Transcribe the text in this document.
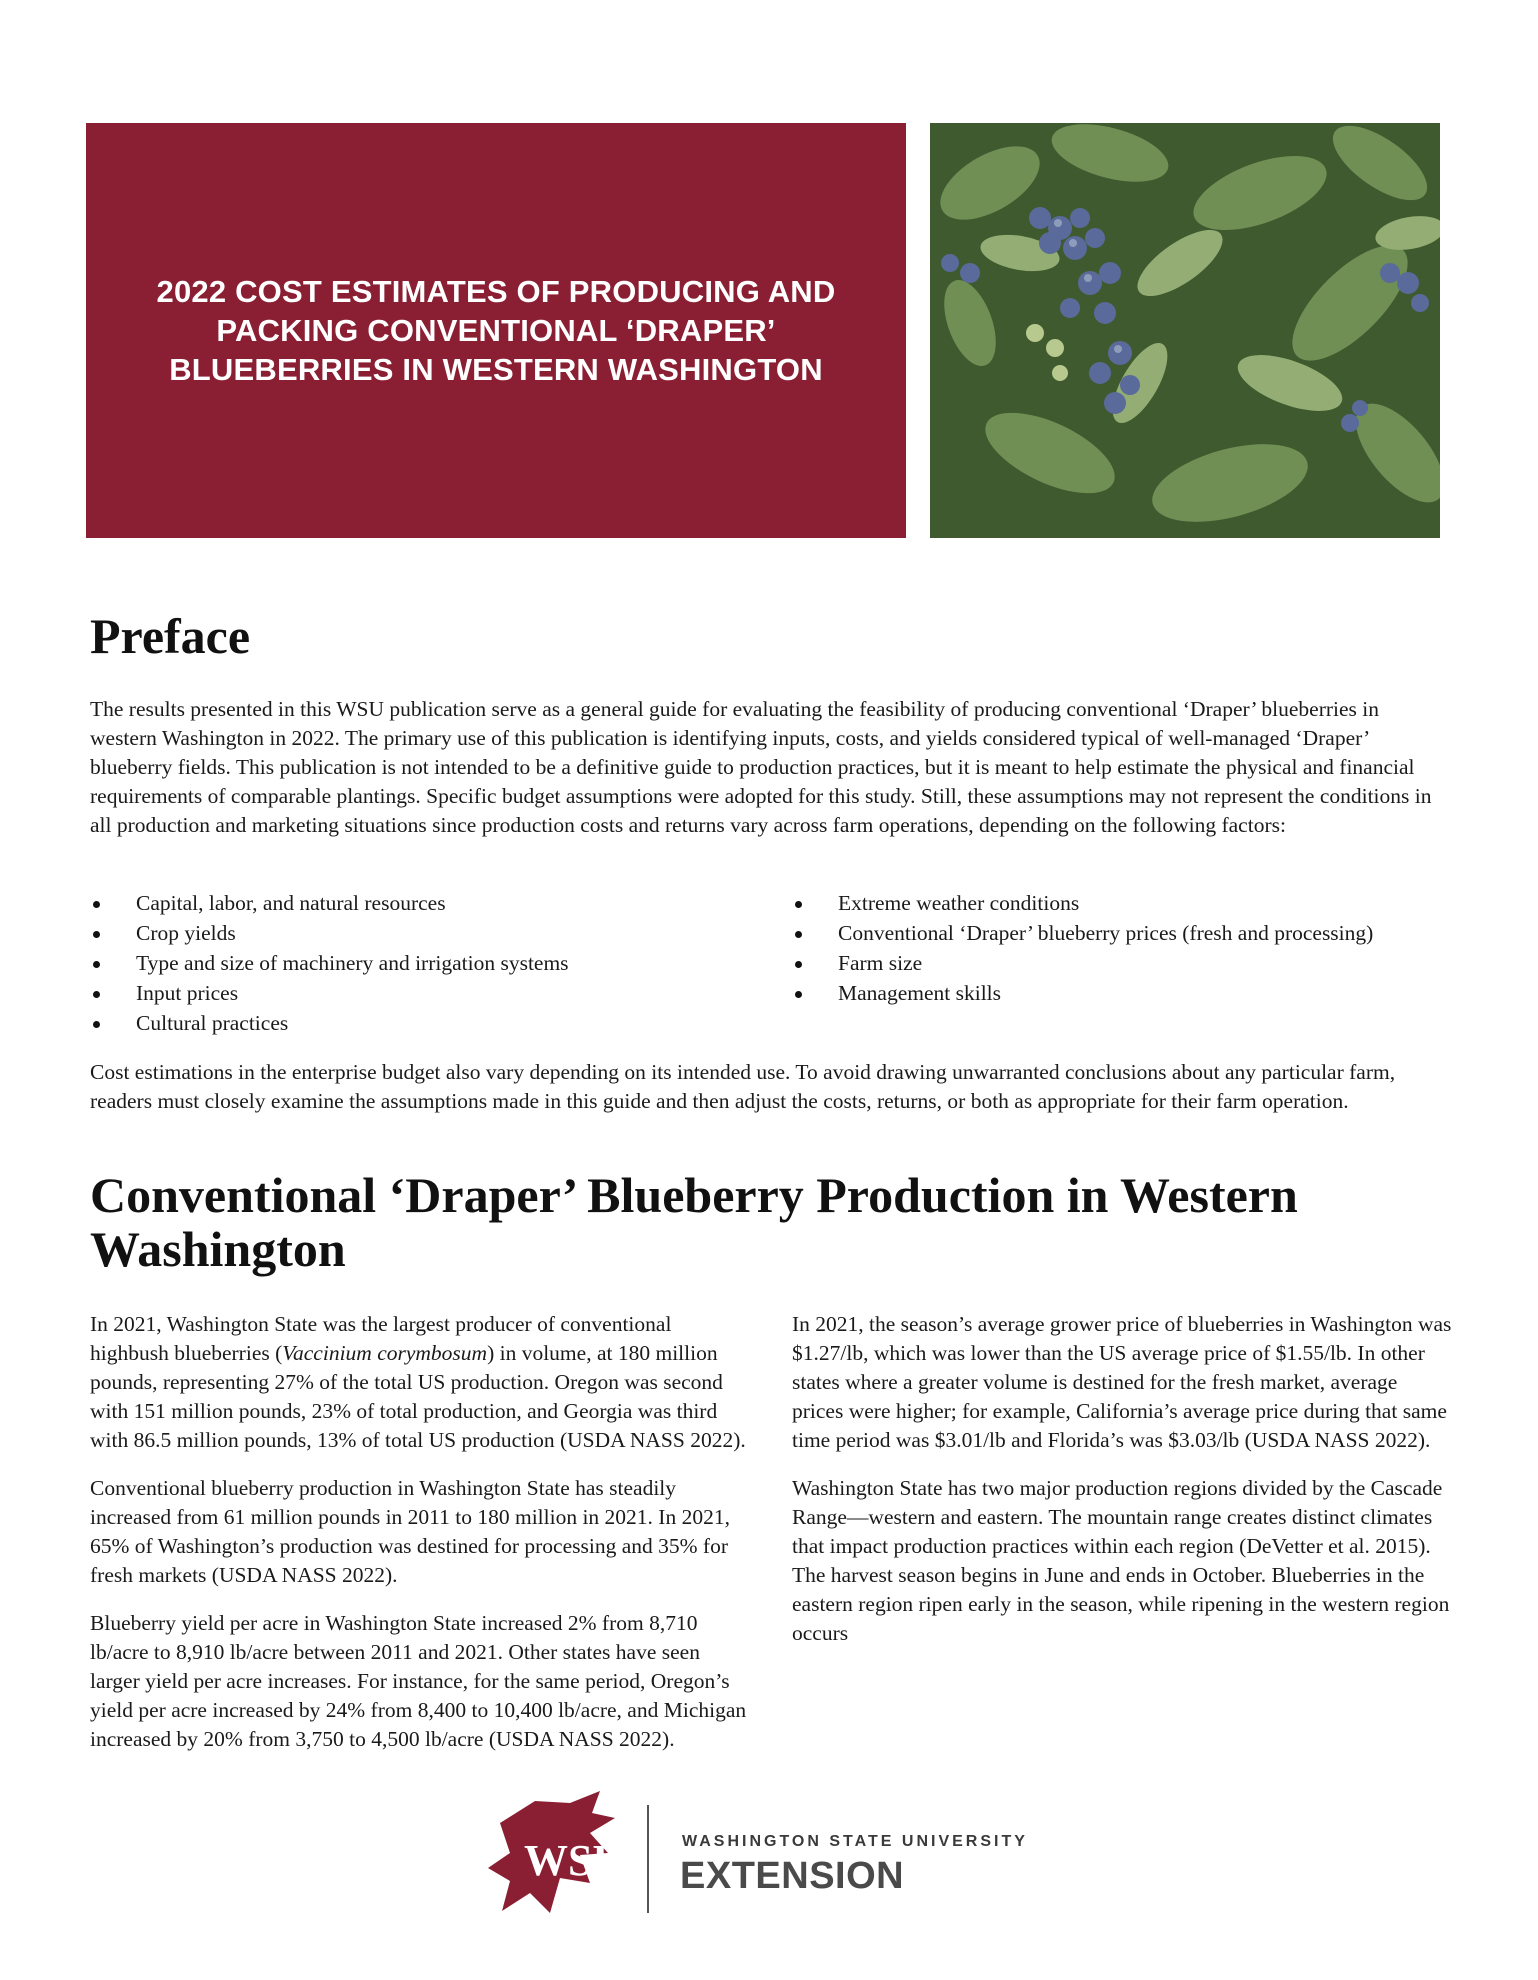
2022 COST ESTIMATES OF PRODUCING AND PACKING CONVENTIONAL ‘DRAPER’ BLUEBERRIES IN WESTERN WASHINGTON
Preface

The results presented in this WSU publication serve as a general guide for evaluating the feasibility of producing conventional ‘Draper’ blueberries in western Washington in 2022. The primary use of this publication is identifying inputs, costs, and yields considered typical of well-managed ‘Draper’ blueberry fields. This publication is not intended to be a definitive guide to production practices, but it is meant to help estimate the physical and financial requirements of comparable plantings. Specific budget assumptions were adopted for this study. Still, these assumptions may not represent the conditions in all production and marketing situations since production costs and returns vary across farm operations, depending on the following factors:

Capital, labor, and natural resources
Crop yields
Type and size of machinery and irrigation systems
Input prices
Cultural practices
Extreme weather conditions
Conventional ‘Draper’ blueberry prices (fresh and processing)
Farm size
Management skills

Cost estimations in the enterprise budget also vary depending on its intended use. To avoid drawing unwarranted conclusions about any particular farm, readers must closely examine the assumptions made in this guide and then adjust the costs, returns, or both as appropriate for their farm operation.

Conventional ‘Draper’ Blueberry Production in Western Washington

In 2021, Washington State was the largest producer of conventional highbush blueberries (Vaccinium corymbosum) in volume, at 180 million pounds, representing 27% of the total US production. Oregon was second with 151 million pounds, 23% of total production, and Georgia was third with 86.5 million pounds, 13% of total US production (USDA NASS 2022).

Conventional blueberry production in Washington State has steadily increased from 61 million pounds in 2011 to 180 million in 2021. In 2021, 65% of Washington’s production was destined for processing and 35% for fresh markets (USDA NASS 2022).

Blueberry yield per acre in Washington State increased 2% from 8,710 lb/acre to 8,910 lb/acre between 2011 and 2021. Other states have seen larger yield per acre increases. For instance, for the same period, Oregon’s yield per acre increased by 24% from 8,400 to 10,400 lb/acre, and Michigan increased by 20% from 3,750 to 4,500 lb/acre (USDA NASS 2022).

In 2021, the season’s average grower price of blueberries in Washington was $1.27/lb, which was lower than the US average price of $1.55/lb. In other states where a greater volume is destined for the fresh market, average prices were higher; for example, California’s average price during that same time period was $3.01/lb and Florida’s was $3.03/lb (USDA NASS 2022).

Washington State has two major production regions divided by the Cascade Range—western and eastern. The mountain range creates distinct climates that impact production practices within each region (DeVetter et al. 2015). The harvest season begins in June and ends in October. Blueberries in the eastern region ripen early in the season, while ripening in the western region occurs

WSU	WASHINGTON STATE UNIVERSITY
EXTENSION
